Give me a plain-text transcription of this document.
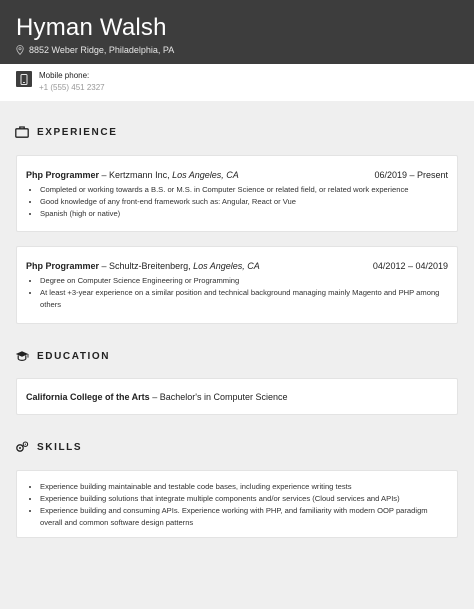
Hyman Walsh
8852 Weber Ridge, Philadelphia, PA
Mobile phone:
+1 (555) 451 2327
EXPERIENCE
Php Programmer – Kertzmann Inc, Los Angeles, CA	06/2019 – Present
• Completed or working towards a B.S. or M.S. in Computer Science or related field, or related work experience
• Good knowledge of any front-end framework such as: Angular, React or Vue
• Spanish (high or native)
Php Programmer – Schultz-Breitenberg, Los Angeles, CA	04/2012 – 04/2019
• Degree on Computer Science Engineering or Programming
• At least +3-year experience on a similar position and technical background managing mainly Magento and PHP among others
EDUCATION
California College of the Arts – Bachelor's in Computer Science
SKILLS
• Experience building maintainable and testable code bases, including experience writing tests
• Experience building solutions that integrate multiple components and/or services (Cloud services and APIs)
• Experience building and consuming APIs. Experience working with PHP, and familiarity with modern OOP paradigm overall and common software design patterns
